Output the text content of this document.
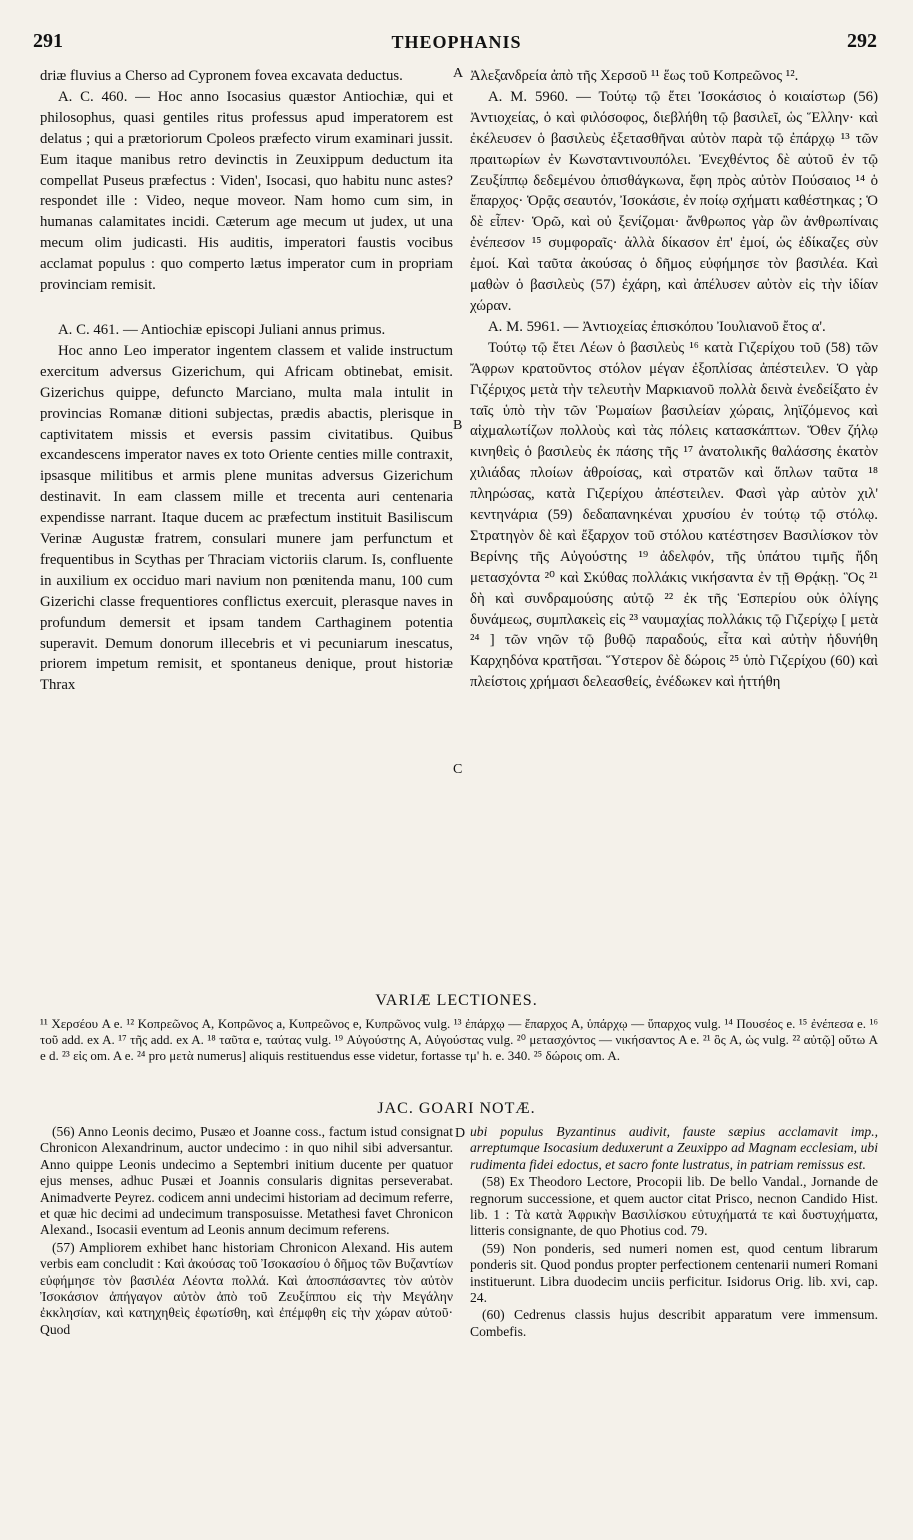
291	THEOPHANIS	292

driæ fluvius a Cherso ad Cypronem fovea excavata deductus.

A. C. 460. — Hoc anno Isocasius quæstor Antiochiæ, qui et philosophus, quasi gentiles ritus professus apud imperatorem est delatus ; qui a prætoriorum Cpoleos præfecto virum examinari jussit. Eum itaque manibus retro devinctis in Zeuxippum deductum ita compellat Puseus præfectus : Viden', Isocasi, quo habitu nunc astes? respondet ille : Video, neque moveor. Nam homo cum sim, in humanas calamitates incidi. Cæterum age mecum ut judex, ut una mecum olim judicasti. His auditis, imperatori faustis vocibus acclamat populus : quo comperto lætus imperator cum in propriam provinciam remisit.

A. C. 461. — Antiochiæ episcopi Juliani annus primus.

Hoc anno Leo imperator ingentem classem et valide instructum exercitum adversus Gizerichum, qui Africam obtinebat, emisit. Gizerichus quippe, defuncto Marciano, multa mala intulit in provincias Romanæ ditioni subjectas, prædis abactis, plerisque in captivitatem missis et eversis passim civitatibus. Quibus excandescens imperator naves ex toto Oriente centies mille contraxit, ipsasque militibus et armis plene munitas adversus Gizerichum destinavit. In eam classem mille et trecenta auri centenaria expendisse narrant. Itaque ducem ac præfectum instituit Basiliscum Verinæ Augustæ fratrem, consulari munere jam perfunctum et frequentibus in Scythas per Thraciam victoriis clarum. Is, confluente in auxilium ex occiduo mari navium non pœnitenda manu, 100 cum Gizerichi classe frequentiores conflictus exercuit, plerasque naves in profundum demersit et ipsam tandem Carthaginem potentia superavit. Demum donorum illecebris et vi pecuniarum inescatus, priorem impetum remisit, et spontaneus denique, prout historiæ Thrax

Ἀλεξανδρεία ἀπὸ τῆς Χερσοῦ ¹¹ ἕως τοῦ Κοπρεῶνος ¹².

Α. Μ. 5960. — Τούτῳ τῷ ἔτει Ἰσοκάσιος ὁ κοιαίστωρ (56) Ἀντιοχείας, ὁ καὶ φιλόσοφος, διεβλήθη τῷ βασιλεῖ, ὡς Ἕλλην· καὶ ἐκέλευσεν ὁ βασιλεὺς ἐξετασθῆναι αὐτὸν παρὰ τῷ ἐπάρχῳ ¹³ τῶν πραιτωρίων ἐν Κωνσταντινουπόλει. Ἐνεχθέντος δὲ αὐτοῦ ἐν τῷ Ζευξίππῳ δεδεμένου ὀπισθάγκωνα, ἔφη πρὸς αὐτὸν Πούσαιος ¹⁴ ὁ ἔπαρχος· Ὁρᾷς σεαυτόν, Ἰσοκάσιε, ἐν ποίῳ σχήματι καθέστηκας ; Ὁ δὲ εἶπεν· Ὁρῶ, καὶ οὐ ξενίζομαι· ἄνθρωπος γὰρ ὢν ἀνθρωπίναις ἐνέπεσον ¹⁵ συμφοραῖς· ἀλλὰ δίκασον ἐπ' ἐμοί, ὡς ἐδίκαζες σὺν ἐμοί. Καὶ ταῦτα ἀκούσας ὁ δῆμος εὐφήμησε τὸν βασιλέα. Καὶ μαθὼν ὁ βασιλεὺς (57) ἐχάρη, καὶ ἀπέλυσεν αὐτὸν εἰς τὴν ἰδίαν χώραν.

Α. Μ. 5961. — Ἀντιοχείας ἐπισκόπου Ἰουλιανοῦ ἔτος α'.

Τούτῳ τῷ ἔτει Λέων ὁ βασιλεὺς ¹⁶ κατὰ Γιζερίχου τοῦ (58) τῶν Ἄφρων κρατοῦντος στόλον μέγαν ἐξοπλίσας ἀπέστειλεν. Ὁ γὰρ Γιζέριχος μετὰ τὴν τελευτὴν Μαρκιανοῦ πολλὰ δεινὰ ἐνεδείξατο ἐν ταῖς ὑπὸ τὴν τῶν Ῥωμαίων βασιλείαν χώραις, ληϊζόμενος καὶ αἰχμαλωτίζων πολλοὺς καὶ τὰς πόλεις κατασκάπτων. Ὅθεν ζήλῳ κινηθεὶς ὁ βασιλεὺς ἐκ πάσης τῆς ¹⁷ ἀνατολικῆς θαλάσσης ἑκατὸν χιλιάδας πλοίων ἀθροίσας, καὶ στρατῶν καὶ ὅπλων ταῦτα ¹⁸ πληρώσας, κατὰ Γιζερίχου ἀπέστειλεν. Φασὶ γὰρ αὐτὸν χιλ' κεντηνάρια (59) δεδαπανηκέναι χρυσίου ἐν τούτῳ τῷ στόλῳ. Στρατηγὸν δὲ καὶ ἔξαρχον τοῦ στόλου κατέστησεν Βασιλίσκον τὸν Βερίνης τῆς Αὐγούστης ¹⁹ ἀδελφόν, τῆς ὑπάτου τιμῆς ἤδη μετασχόντα ²⁰ καὶ Σκύθας πολλάκις νικήσαντα ἐν τῇ Θρᾴκῃ. Ὃς ²¹ δὴ καὶ συνδραμούσης αὐτῷ ²² ἐκ τῆς Ἑσπερίου οὐκ ὀλίγης δυνάμεως, συμπλακεὶς εἰς ²³ ναυμαχίας πολλάκις τῷ Γιζερίχῳ [ μετὰ ²⁴ ] τῶν νηῶν τῷ βυθῷ παραδούς, εἶτα καὶ αὐτὴν ἠδυνήθη Καρχηδόνα κρατῆσαι. Ὕστερον δὲ δώροις ²⁵ ὑπὸ Γιζερίχου (60) καὶ πλείστοις χρήμασι δελεασθείς, ἐνέδωκεν καὶ ἡττήθη

A
B
C
D
VARIÆ LECTIONES.
¹¹ Χερσέου A e. ¹² Κοπρεῶνος A, Κοπρῶνος a, Κυπρεῶνος e, Κυπρῶνος vulg. ¹³ ἐπάρχῳ — ἔπαρχος A, ὑπάρχῳ — ὕπαρχος vulg. ¹⁴ Πουσέος e. ¹⁵ ἐνέπεσα e. ¹⁶ τοῦ add. ex A. ¹⁷ τῆς add. ex A. ¹⁸ ταῦτα e, ταύτας vulg. ¹⁹ Αὐγούστης A, Αὐγούστας vulg. ²⁰ μετασχόντος — νικήσαντος A e. ²¹ ὃς A, ὡς vulg. ²² αὐτῷ] οὕτω A e d. ²³ εἰς om. A e. ²⁴ pro μετὰ numerus] aliquis restituendus esse videtur, fortasse τμ' h. e. 340. ²⁵ δώροις om. A.
JAC. GOARI NOTÆ.

(56) Anno Leonis decimo, Pusæo et Joanne coss., factum istud consignat Chronicon Alexandrinum, auctor undecimo : in quo nihil sibi adversantur. Anno quippe Leonis undecimo a Septembri initium ducente per quatuor ejus menses, adhuc Pusæi et Joannis consularis dignitas perseverabat. Animadverte Peyrez. codicem anni undecimi historiam ad decimum referre, et quæ hic decimi ad undecimum transposuisse. Metathesi favet Chronicon Alexand., Isocasii eventum ad Leonis annum decimum referens.

(57) Ampliorem exhibet hanc historiam Chronicon Alexand. His autem verbis eam concludit : Καὶ ἀκούσας τοῦ Ἰσοκασίου ὁ δῆμος τῶν Βυζαντίων εὐφήμησε τὸν βασιλέα Λέοντα πολλά. Καὶ ἀποσπάσαντες τὸν αὐτὸν Ἰσοκάσιον ἀπήγαγον αὐτὸν ἀπὸ τοῦ Ζευξίππου εἰς τὴν Μεγάλην ἐκκλησίαν, καὶ κατηχηθεὶς ἐφωτίσθη, καὶ ἐπέμφθη εἰς τὴν χώραν αὐτοῦ· Quod

ubi populus Byzantinus audivit, fauste sæpius acclamavit imp., arreptumque Isocasium deduxerunt a Zeuxippo ad Magnam ecclesiam, ubi rudimenta fidei edoctus, et sacro fonte lustratus, in patriam remissus est.

(58) Ex Theodoro Lectore, Procopii lib. De bello Vandal., Jornande de regnorum successione, et quem auctor citat Prisco, necnon Candido Hist. lib. 1 : Τὰ κατὰ Ἀφρικὴν Βασιλίσκου εὐτυχήματά τε καὶ δυστυχήματα, litteris consignante, de quo Photius cod. 79.

(59) Non ponderis, sed numeri nomen est, quod centum librarum ponderis sit. Quod pondus propter perfectionem centenarii numeri Romani instituerunt. Libra duodecim unciis perficitur. Isidorus Orig. lib. xvi, cap. 24.

(60) Cedrenus classis hujus describit apparatum vere immensum. Combefis.
